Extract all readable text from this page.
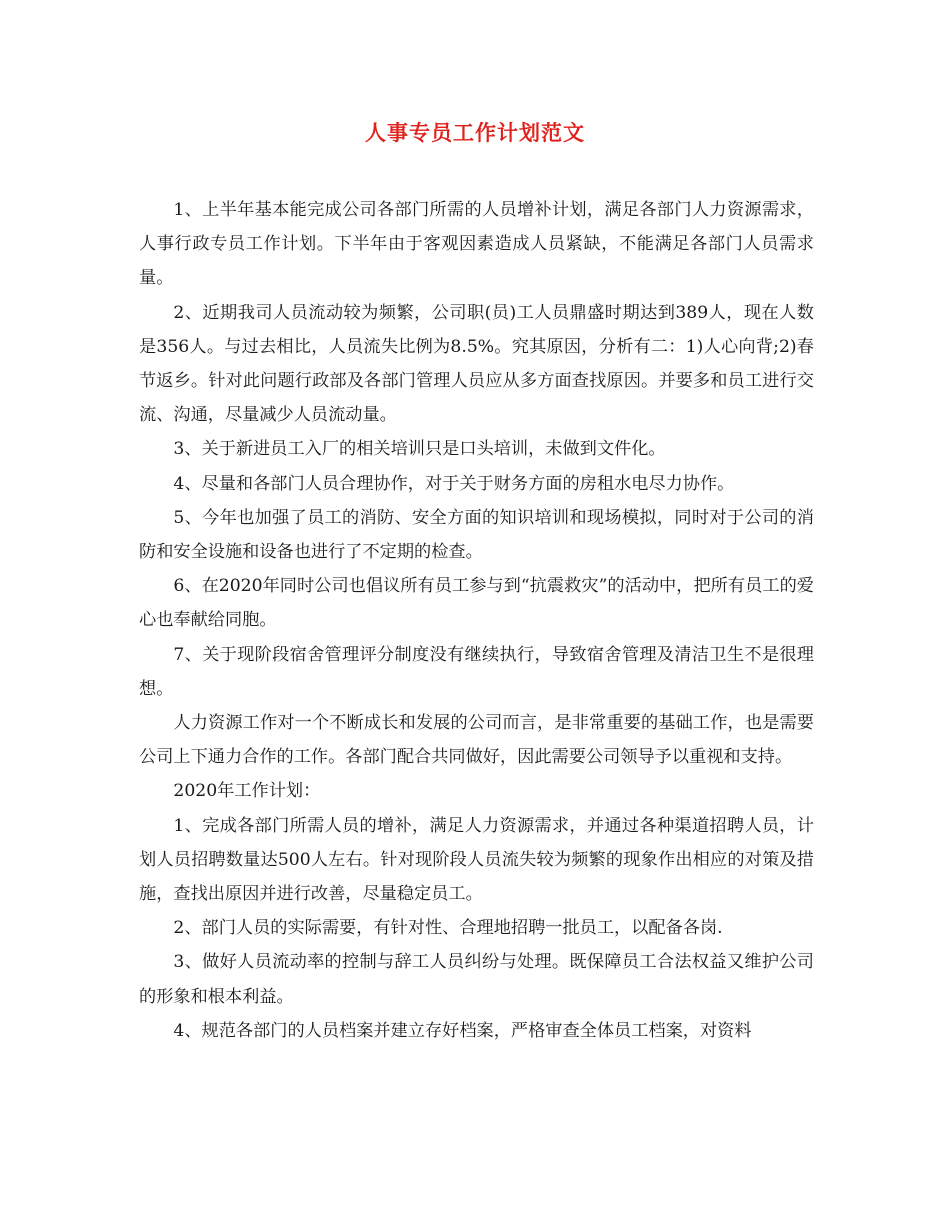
人事专员工作计划范文

1、上半年基本能完成公司各部门所需的人员增补计划，满足各部门人力资源需求，人事行政专员工作计划。下半年由于客观因素造成人员紧缺，不能满足各部门人员需求量。

2、近期我司人员流动较为频繁，公司职(员)工人员鼎盛时期达到389人，现在人数是356人。与过去相比，人员流失比例为8.5%。究其原因，分析有二：1)人心向背;2)春节返乡。针对此问题行政部及各部门管理人员应从多方面查找原因。并要多和员工进行交流、沟通，尽量减少人员流动量。

3、关于新进员工入厂的相关培训只是口头培训，未做到文件化。

4、尽量和各部门人员合理协作，对于关于财务方面的房租水电尽力协作。

5、今年也加强了员工的消防、安全方面的知识培训和现场模拟，同时对于公司的消防和安全设施和设备也进行了不定期的检查。

6、在2020年同时公司也倡议所有员工参与到“抗震救灾”的活动中，把所有员工的爱心也奉献给同胞。

7、关于现阶段宿舍管理评分制度没有继续执行，导致宿舍管理及清洁卫生不是很理想。

人力资源工作对一个不断成长和发展的公司而言，是非常重要的基础工作，也是需要公司上下通力合作的工作。各部门配合共同做好，因此需要公司领导予以重视和支持。

2020年工作计划：

1、完成各部门所需人员的增补，满足人力资源需求，并通过各种渠道招聘人员，计划人员招聘数量达500人左右。针对现阶段人员流失较为频繁的现象作出相应的对策及措施，查找出原因并进行改善，尽量稳定员工。

2、部门人员的实际需要，有针对性、合理地招聘一批员工，以配备各岗.

3、做好人员流动率的控制与辞工人员纠纷与处理。既保障员工合法权益又维护公司的形象和根本利益。

4、规范各部门的人员档案并建立存好档案，严格审查全体员工档案，对资料
